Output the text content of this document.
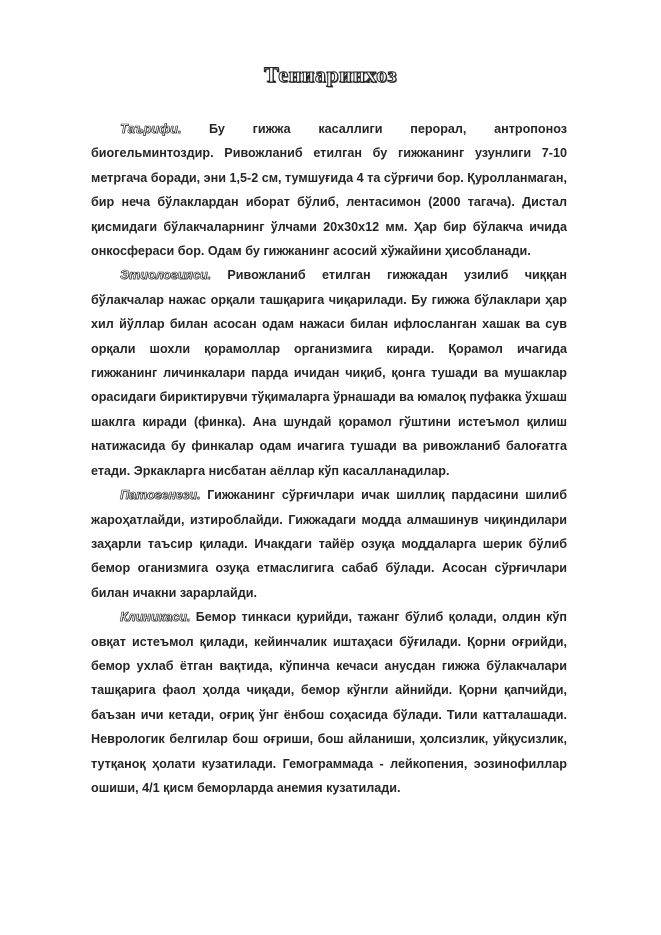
Тениаринхоз

Таърифи. Бу гижжа касаллиги перорал, антропоноз биогельминтоздир. Ривожланиб етилган бу гижжанинг узунлиги 7-10 метргача боради, эни 1,5-2 см, тумшуғида 4 та сўрғичи бор. Қуролланмаган, бир неча бўлаклардан иборат бўлиб, лентасимон (2000 тагача). Дистал қисмидаги бўлакчаларнинг ўлчами 20х30х12 мм. Ҳар бир бўлакча ичида онкосфераси бор. Одам бу гижжанинг асосий хўжайини ҳисобланади.

Этиологияси. Ривожланиб етилган гижжадан узилиб чиққан бўлакчалар нажас орқали ташқарига чиқарилади. Бу гижжа бўлаклари ҳар хил йўллар билан асосан одам нажаси билан ифлосланган хашак ва сув орқали шохли қорамоллар организмига киради. Қорамол ичагида гижжанинг личинкалари парда ичидан чиқиб, қонга тушади ва мушаклар орасидаги бириктирувчи тўқималарга ўрнашади ва юмалоқ пуфакка ўхшаш шаклга киради (финка). Ана шундай қорамол гўштини истеъмол қилиш натижасида бу финкалар одам ичагига тушади ва ривожланиб балоғатга етади. Эркакларга нисбатан аёллар кўп касалланадилар.

Патогенези. Гижжанинг сўрғичлари ичак шиллиқ пардасини шилиб жароҳатлайди, изтироблайди. Гижжадаги модда алмашинув чиқиндилари заҳарли таъсир қилади. Ичакдаги тайёр озуқа моддаларга шерик бўлиб бемор оганизмига озуқа етмаслигига сабаб бўлади. Асосан сўрғичлари билан ичакни зарарлайди.

Клиникаси. Бемор тинкаси қурийди, тажанг бўлиб қолади, олдин кўп овқат истеъмол қилади, кейинчалик иштаҳаси бўғилади. Қорни оғрийди, бемор ухлаб ётган вақтида, кўпинча кечаси анусдан гижжа бўлакчалари ташқарига фаол ҳолда чиқади, бемор кўнгли айнийди. Қорни қапчийди, баъзан ичи кетади, оғриқ ўнг ёнбош соҳасида бўлади. Тили катталашади. Неврологик белгилар бош оғриши, бош айланиши, ҳолсизлик, уйқусизлик, тутқаноқ ҳолати кузатилади. Гемограммада - лейкопения, эозинофиллар ошиши, 4/1 қисм беморларда анемия кузатилади.
